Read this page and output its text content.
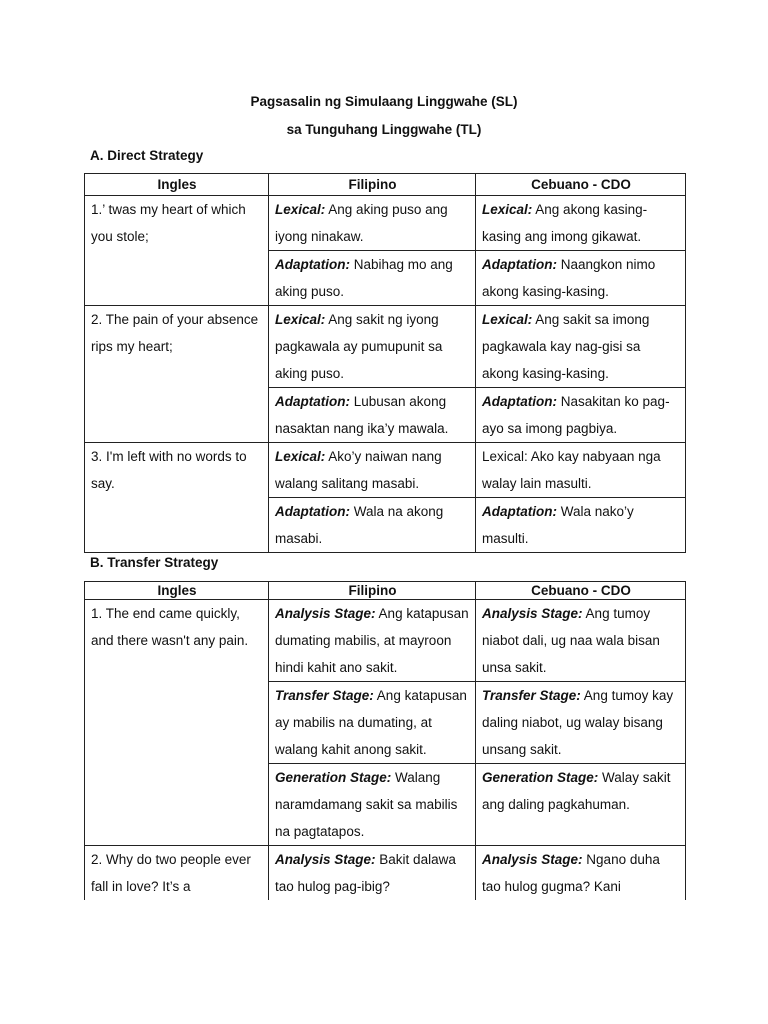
Pagsasalin ng Simulaang Linggwahe (SL)
sa Tunguhang Linggwahe (TL)
A. Direct Strategy
Ingles	Filipino	Cebuano - CDO
1.’ twas my heart of which you stole;	Lexical: Ang aking puso ang iyong ninakaw.	Lexical: Ang akong kasing-kasing ang imong gikawat.
	Adaptation: Nabihag mo ang aking puso.	Adaptation: Naangkon nimo akong kasing-kasing.
2. The pain of your absence rips my heart;	Lexical: Ang sakit ng iyong pagkawala ay pumupunit sa aking puso.	Lexical: Ang sakit sa imong pagkawala kay nag-gisi sa akong kasing-kasing.
	Adaptation: Lubusan akong nasaktan nang ika’y mawala.	Adaptation: Nasakitan ko pag-ayo sa imong pagbiya.
3. I'm left with no words to say.	Lexical: Ako’y naiwan nang walang salitang masabi.	Lexical: Ako kay nabyaan nga walay lain masulti.
	Adaptation: Wala na akong masabi.	Adaptation: Wala nako’y masulti.
B. Transfer Strategy
Ingles	Filipino	Cebuano - CDO
1. The end came quickly, and there wasn't any pain.	Analysis Stage: Ang katapusan dumating mabilis, at mayroon hindi kahit ano sakit.	Analysis Stage: Ang tumoy niabot dali, ug naa wala bisan unsa sakit.
	Transfer Stage: Ang katapusan ay mabilis na dumating, at walang kahit anong sakit.	Transfer Stage: Ang tumoy kay daling niabot, ug walay bisang unsang sakit.
	Generation Stage: Walang naramdamang sakit sa mabilis na pagtatapos.	Generation Stage: Walay sakit ang daling pagkahuman.
2. Why do two people ever fall in love? It’s a	Analysis Stage: Bakit dalawa tao hulog pag-ibig?	Analysis Stage: Ngano duha tao hulog gugma? Kani
